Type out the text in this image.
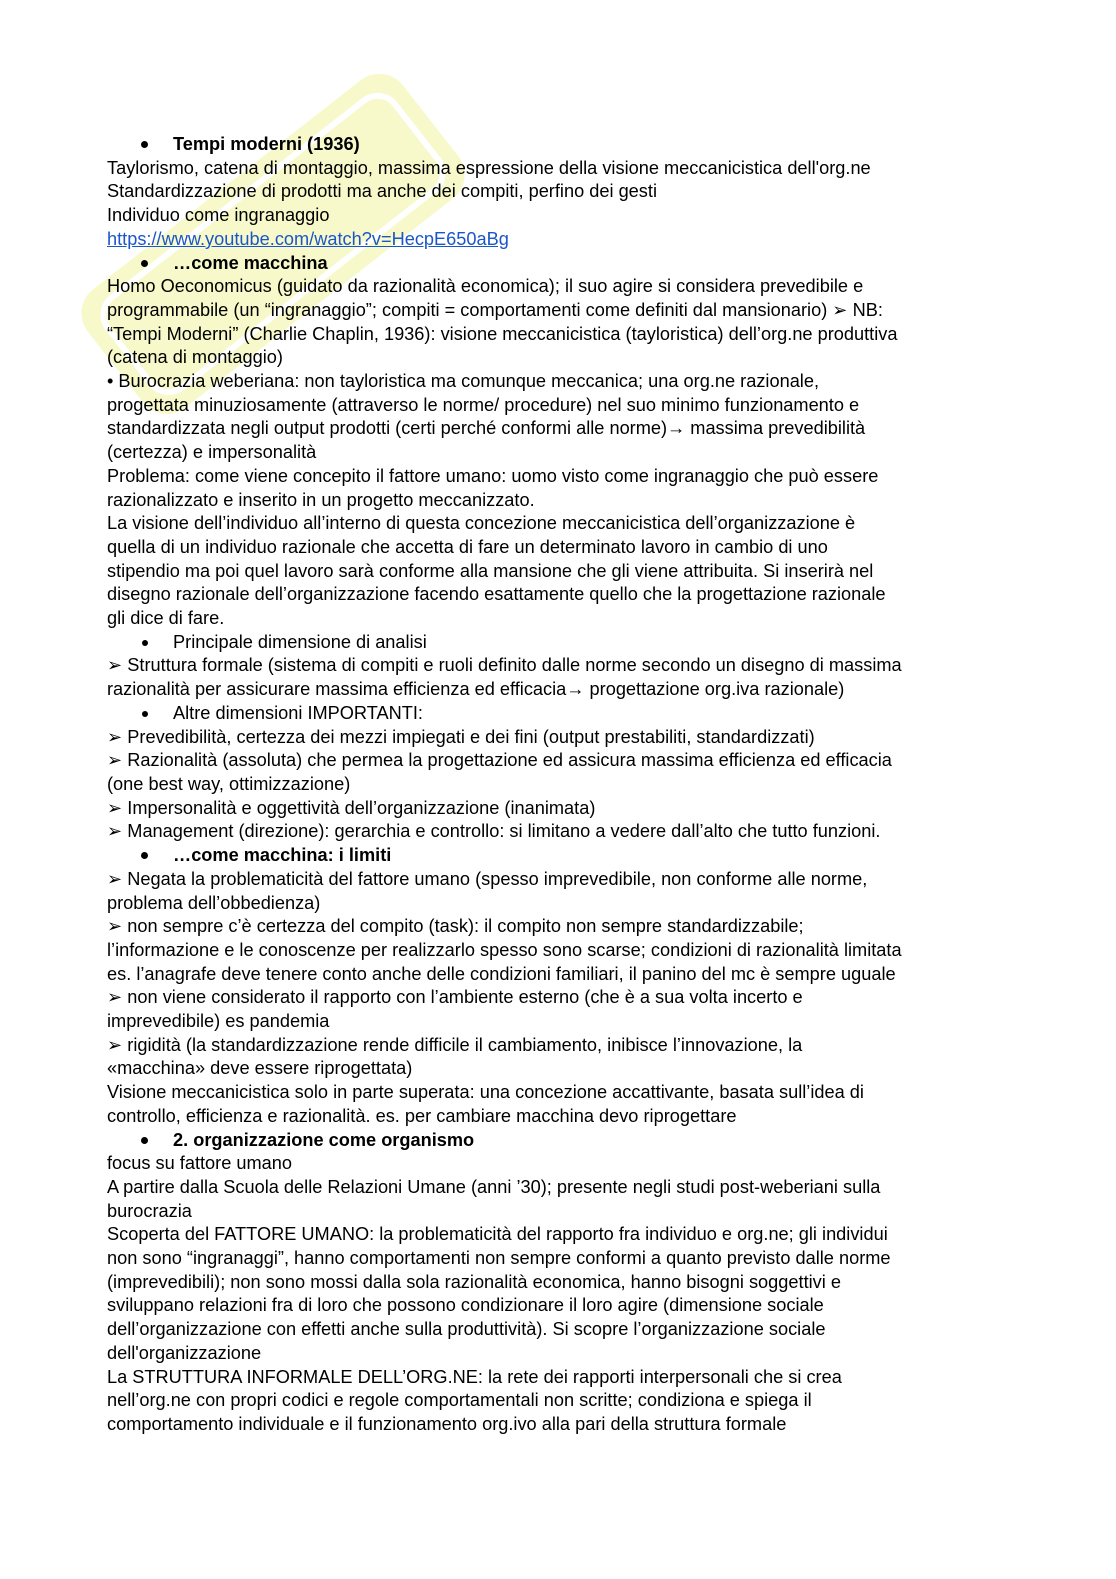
Tempi moderni (1936)
Taylorismo, catena di montaggio, massima espressione della visione meccanicistica dell'org.ne
Standardizzazione di prodotti ma anche dei compiti, perfino dei gesti
Individuo come ingranaggio
https://www.youtube.com/watch?v=HecpE650aBg
…come macchina
Homo Oeconomicus (guidato da razionalità economica); il suo agire si considera prevedibile e
programmabile (un “ingranaggio”; compiti = comportamenti come definiti dal mansionario) ➢ NB:
“Tempi Moderni” (Charlie Chaplin, 1936): visione meccanicistica (tayloristica) dell’org.ne produttiva
(catena di montaggio)
• Burocrazia weberiana: non tayloristica ma comunque meccanica; una org.ne razionale,
progettata minuziosamente (attraverso le norme/ procedure) nel suo minimo funzionamento e
standardizzata negli output prodotti (certi perché conformi alle norme)→ massima prevedibilità
(certezza) e impersonalità
Problema: come viene concepito il fattore umano: uomo visto come ingranaggio che può essere
razionalizzato e inserito in un progetto meccanizzato.
La visione dell’individuo all’interno di questa concezione meccanicistica dell’organizzazione è
quella di un individuo razionale che accetta di fare un determinato lavoro in cambio di uno
stipendio ma poi quel lavoro sarà conforme alla mansione che gli viene attribuita. Si inserirà nel
disegno razionale dell’organizzazione facendo esattamente quello che la progettazione razionale
gli dice di fare.
Principale dimensione di analisi
➢ Struttura formale (sistema di compiti e ruoli definito dalle norme secondo un disegno di massima
razionalità per assicurare massima efficienza ed efficacia→ progettazione org.iva razionale)
Altre dimensioni IMPORTANTI:
➢ Prevedibilità, certezza dei mezzi impiegati e dei fini (output prestabiliti, standardizzati)
➢ Razionalità (assoluta) che permea la progettazione ed assicura massima efficienza ed efficacia
(one best way, ottimizzazione)
➢ Impersonalità e oggettività dell’organizzazione (inanimata)
➢ Management (direzione): gerarchia e controllo: si limitano a vedere dall’alto che tutto funzioni.
…come macchina: i limiti
➢ Negata la problematicità del fattore umano (spesso imprevedibile, non conforme alle norme,
problema dell’obbedienza)
➢ non sempre c’è certezza del compito (task): il compito non sempre standardizzabile;
l’informazione e le conoscenze per realizzarlo spesso sono scarse; condizioni di razionalità limitata
es. l’anagrafe deve tenere conto anche delle condizioni familiari, il panino del mc è sempre uguale
➢ non viene considerato il rapporto con l’ambiente esterno (che è a sua volta incerto e
imprevedibile) es pandemia
➢ rigidità (la standardizzazione rende difficile il cambiamento, inibisce l’innovazione, la
«macchina» deve essere riprogettata)
Visione meccanicistica solo in parte superata: una concezione accattivante, basata sull’idea di
controllo, efficienza e razionalità. es. per cambiare macchina devo riprogettare
2. organizzazione come organismo
focus su fattore umano
A partire dalla Scuola delle Relazioni Umane (anni ’30); presente negli studi post-weberiani sulla
burocrazia
Scoperta del FATTORE UMANO: la problematicità del rapporto fra individuo e org.ne; gli individui
non sono “ingranaggi”, hanno comportamenti non sempre conformi a quanto previsto dalle norme
(imprevedibili); non sono mossi dalla sola razionalità economica, hanno bisogni soggettivi e
sviluppano relazioni fra di loro che possono condizionare il loro agire (dimensione sociale
dell’organizzazione con effetti anche sulla produttività). Si scopre l’organizzazione sociale
dell'organizzazione
La STRUTTURA INFORMALE DELL’ORG.NE: la rete dei rapporti interpersonali che si crea
nell’org.ne con propri codici e regole comportamentali non scritte; condiziona e spiega il
comportamento individuale e il funzionamento org.ivo alla pari della struttura formale
